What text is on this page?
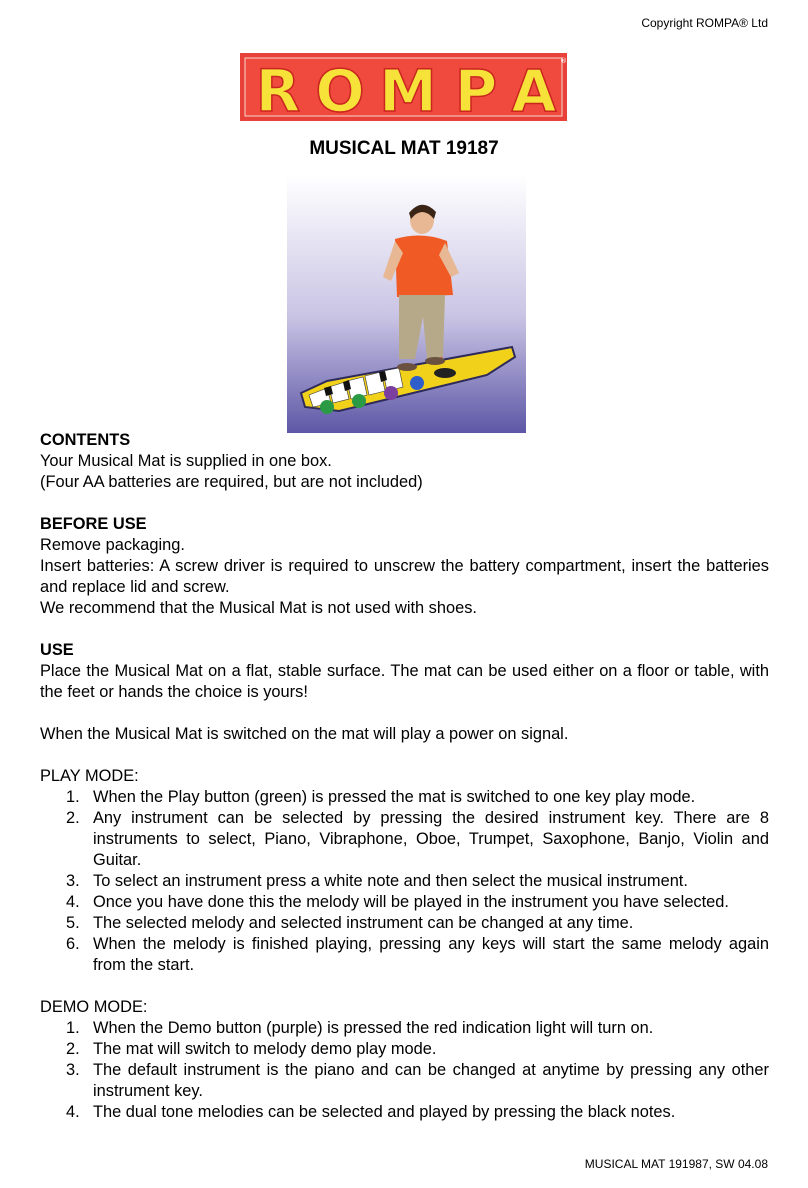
Copyright ROMPA® Ltd
R O M P A ®
MUSICAL MAT 19187
CONTENTS

Your Musical Mat is supplied in one box.

(Four AA batteries are required, but are not included)

BEFORE USE

Remove packaging.

Insert batteries: A screw driver is required to unscrew the battery compartment, insert the batteries and replace lid and screw.

We recommend that the Musical Mat is not used with shoes.

USE

Place the Musical Mat on a flat, stable surface. The mat can be used either on a floor or table, with the feet or hands the choice is yours!

When the Musical Mat is switched on the mat will play a power on signal.

PLAY MODE:

1. When the Play button (green) is pressed the mat is switched to one key play mode.
2. Any instrument can be selected by pressing the desired instrument key. There are 8 instruments to select, Piano, Vibraphone, Oboe, Trumpet, Saxophone, Banjo, Violin and Guitar.
3. To select an instrument press a white note and then select the musical instrument.
4. Once you have done this the melody will be played in the instrument you have selected.
5. The selected melody and selected instrument can be changed at any time.
6. When the melody is finished playing, pressing any keys will start the same melody again from the start.

DEMO MODE:

1. When the Demo button (purple) is pressed the red indication light will turn on.
2. The mat will switch to melody demo play mode.
3. The default instrument is the piano and can be changed at anytime by pressing any other instrument key.
4. The dual tone melodies can be selected and played by pressing the black notes.
MUSICAL MAT 191987, SW 04.08
